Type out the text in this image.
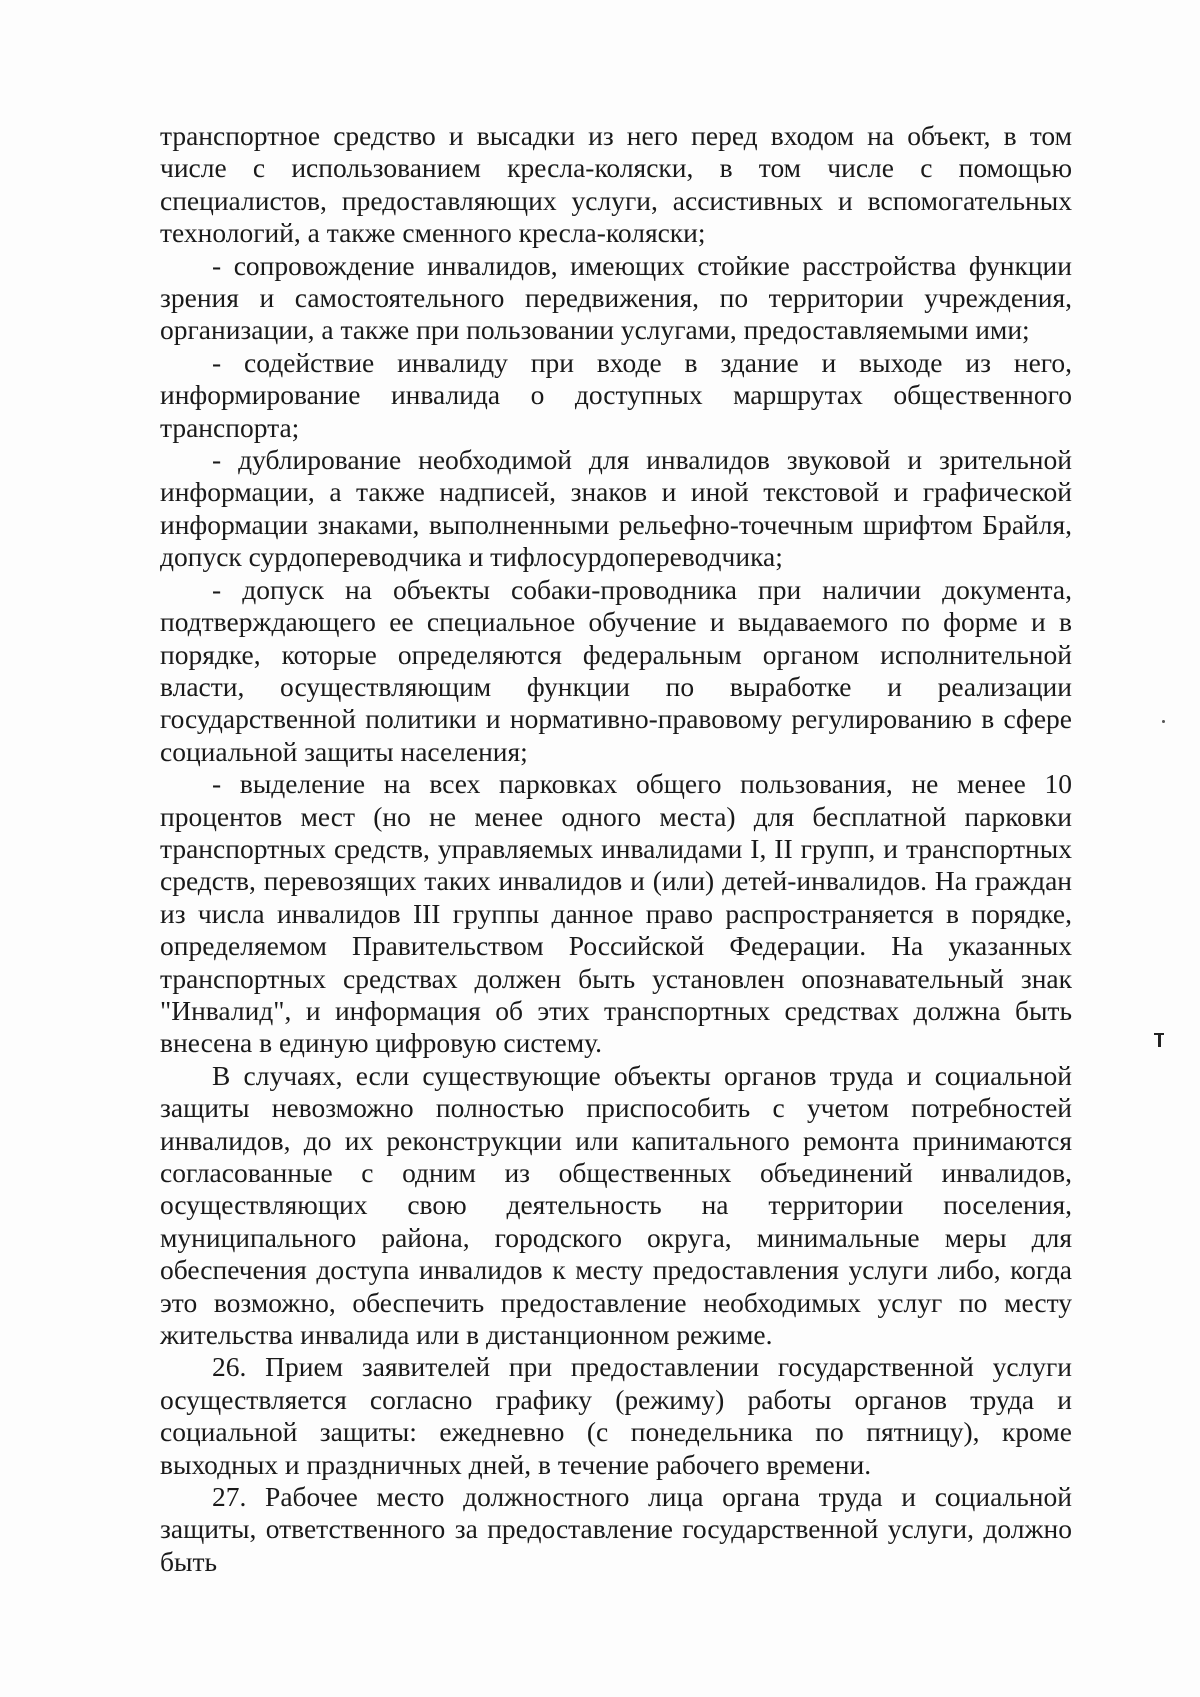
транспортное средство и высадки из него перед входом на объект, в том числе с использованием кресла-коляски, в том числе с помощью специалистов, предоставляющих услуги, ассистивных и вспомогательных технологий, а также сменного кресла-коляски;

- сопровождение инвалидов, имеющих стойкие расстройства функции зрения и самостоятельного передвижения, по территории учреждения, организации, а также при пользовании услугами, предоставляемыми ими;

- содействие инвалиду при входе в здание и выходе из него, информирование инвалида о доступных маршрутах общественного транспорта;

- дублирование необходимой для инвалидов звуковой и зрительной информации, а также надписей, знаков и иной текстовой и графической информации знаками, выполненными рельефно-точечным шрифтом Брайля, допуск сурдопереводчика и тифлосурдопереводчика;

- допуск на объекты собаки-проводника при наличии документа, подтверждающего ее специальное обучение и выдаваемого по форме и в порядке, которые определяются федеральным органом исполнительной власти, осуществляющим функции по выработке и реализации государственной политики и нормативно-правовому регулированию в сфере социальной защиты населения;

- выделение на всех парковках общего пользования, не менее 10 процентов мест (но не менее одного места) для бесплатной парковки транспортных средств, управляемых инвалидами I, II групп, и транспортных средств, перевозящих таких инвалидов и (или) детей-инвалидов. На граждан из числа инвалидов III группы данное право распространяется в порядке, определяемом Правительством Российской Федерации. На указанных транспортных средствах должен быть установлен опознавательный знак "Инвалид", и информация об этих транспортных средствах должна быть внесена в единую цифровую систему.

В случаях, если существующие объекты органов труда и социальной защиты невозможно полностью приспособить с учетом потребностей инвалидов, до их реконструкции или капитального ремонта принимаются согласованные с одним из общественных объединений инвалидов, осуществляющих свою деятельность на территории поселения, муниципального района, городского округа, минимальные меры для обеспечения доступа инвалидов к месту предоставления услуги либо, когда это возможно, обеспечить предоставление необходимых услуг по месту жительства инвалида или в дистанционном режиме.

26. Прием заявителей при предоставлении государственной услуги осуществляется согласно графику (режиму) работы органов труда и социальной защиты: ежедневно (с понедельника по пятницу), кроме выходных и праздничных дней, в течение рабочего времени.

27. Рабочее место должностного лица органа труда и социальной защиты, ответственного за предоставление государственной услуги, должно быть
